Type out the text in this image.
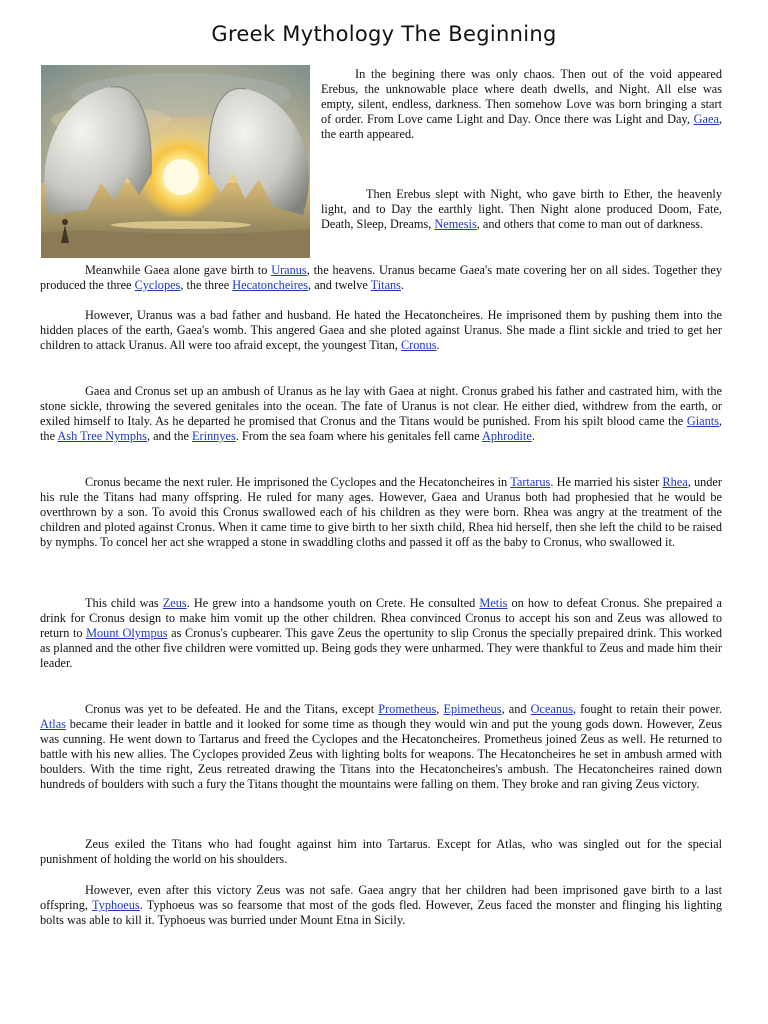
Greek Mythology The Beginning

In the begining there was only chaos. Then out of the void appeared Erebus, the unknowable place where death dwells, and Night. All else was empty, silent, endless, darkness. Then somehow Love was born bringing a start of order. From Love came Light and Day. Once there was Light and Day, Gaea, the earth appeared.

Then Erebus slept with Night, who gave birth to Ether, the heavenly light, and to Day the earthly light. Then Night alone produced Doom, Fate, Death, Sleep, Dreams, Nemesis, and others that come to man out of darkness.

Meanwhile Gaea alone gave birth to Uranus, the heavens. Uranus became Gaea's mate covering her on all sides. Together they produced the three Cyclopes, the three Hecatoncheires, and twelve Titans.

However, Uranus was a bad father and husband. He hated the Hecatoncheires. He imprisoned them by pushing them into the hidden places of the earth, Gaea's womb. This angered Gaea and she ploted against Uranus. She made a flint sickle and tried to get her children to attack Uranus. All were too afraid except, the youngest Titan, Cronus.

Gaea and Cronus set up an ambush of Uranus as he lay with Gaea at night. Cronus grabed his father and castrated him, with the stone sickle, throwing the severed genitales into the ocean. The fate of Uranus is not clear. He either died, withdrew from the earth, or exiled himself to Italy. As he departed he promised that Cronus and the Titans would be punished. From his spilt blood came the Giants, the Ash Tree Nymphs, and the Erinnyes. From the sea foam where his genitales fell came Aphrodite.

Cronus became the next ruler. He imprisoned the Cyclopes and the Hecatoncheires in Tartarus. He married his sister Rhea, under his rule the Titans had many offspring. He ruled for many ages. However, Gaea and Uranus both had prophesied that he would be overthrown by a son. To avoid this Cronus swallowed each of his children as they were born. Rhea was angry at the treatment of the children and ploted against Cronus. When it came time to give birth to her sixth child, Rhea hid herself, then she left the child to be raised by nymphs. To concel her act she wrapped a stone in swaddling cloths and passed it off as the baby to Cronus, who swallowed it.

This child was Zeus. He grew into a handsome youth on Crete. He consulted Metis on how to defeat Cronus. She prepaired a drink for Cronus design to make him vomit up the other children. Rhea convinced Cronus to accept his son and Zeus was allowed to return to Mount Olympus as Cronus's cupbearer. This gave Zeus the opertunity to slip Cronus the specially prepaired drink. This worked as planned and the other five children were vomitted up. Being gods they were unharmed. They were thankful to Zeus and made him their leader.

Cronus was yet to be defeated. He and the Titans, except Prometheus, Epimetheus, and Oceanus, fought to retain their power. Atlas became their leader in battle and it looked for some time as though they would win and put the young gods down. However, Zeus was cunning. He went down to Tartarus and freed the Cyclopes and the Hecatoncheires. Prometheus joined Zeus as well. He returned to battle with his new allies. The Cyclopes provided Zeus with lighting bolts for weapons. The Hecatoncheires he set in ambush armed with boulders. With the time right, Zeus retreated drawing the Titans into the Hecatoncheires's ambush. The Hecatoncheires rained down hundreds of boulders with such a fury the Titans thought the mountains were falling on them. They broke and ran giving Zeus victory.

Zeus exiled the Titans who had fought against him into Tartarus. Except for Atlas, who was singled out for the special punishment of holding the world on his shoulders.

However, even after this victory Zeus was not safe. Gaea angry that her children had been imprisoned gave birth to a last offspring, Typhoeus. Typhoeus was so fearsome that most of the gods fled. However, Zeus faced the monster and flinging his lighting bolts was able to kill it. Typhoeus was burried under Mount Etna in Sicily.
